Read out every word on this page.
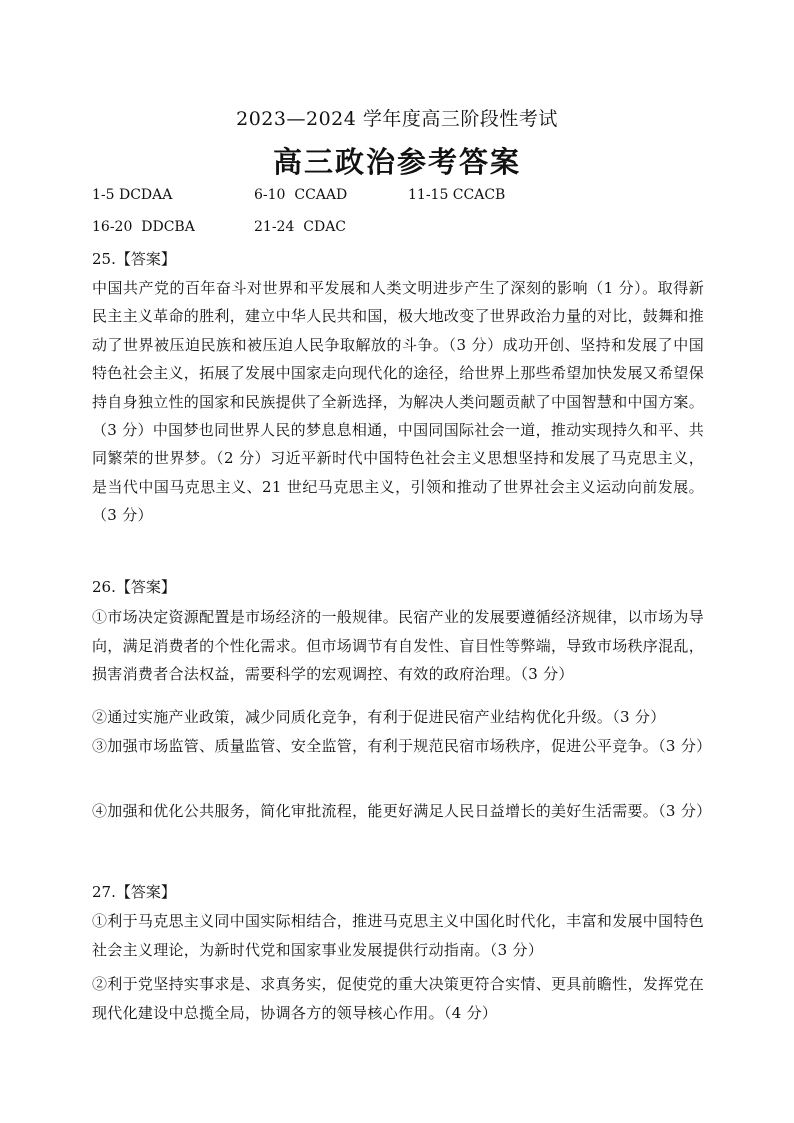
2023—2024 学年度高三阶段性考试
高三政治参考答案
1-5 DCDAA	6-10  CCAAD	11-15 CCACB
16-20  DDCBA	21-24  CDAC
25.【答案】
中国共产党的百年奋斗对世界和平发展和人类文明进步产生了深刻的影响（1 分）。取得新民主主义革命的胜利，建立中华人民共和国，极大地改变了世界政治力量的对比，鼓舞和推动了世界被压迫民族和被压迫人民争取解放的斗争。（3 分）成功开创、坚持和发展了中国特色社会主义，拓展了发展中国家走向现代化的途径，给世界上那些希望加快发展又希望保持自身独立性的国家和民族提供了全新选择，为解决人类问题贡献了中国智慧和中国方案。（3 分）中国梦也同世界人民的梦息息相通，中国同国际社会一道，推动实现持久和平、共同繁荣的世界梦。（2 分）习近平新时代中国特色社会主义思想坚持和发展了马克思主义，是当代中国马克思主义、21 世纪马克思主义，引领和推动了世界社会主义运动向前发展。（3 分）
26.【答案】
①市场决定资源配置是市场经济的一般规律。民宿产业的发展要遵循经济规律，以市场为导向，满足消费者的个性化需求。但市场调节有自发性、盲目性等弊端，导致市场秩序混乱，损害消费者合法权益，需要科学的宏观调控、有效的政府治理。（3 分）
②通过实施产业政策，减少同质化竞争，有利于促进民宿产业结构优化升级。（3 分）
③加强市场监管、质量监管、安全监管，有利于规范民宿市场秩序，促进公平竞争。（3 分）
④加强和优化公共服务，简化审批流程，能更好满足人民日益增长的美好生活需要。（3 分）
27.【答案】
①利于马克思主义同中国实际相结合，推进马克思主义中国化时代化，丰富和发展中国特色社会主义理论，为新时代党和国家事业发展提供行动指南。（3 分）
②利于党坚持实事求是、求真务实，促使党的重大决策更符合实情、更具前瞻性，发挥党在现代化建设中总揽全局，协调各方的领导核心作用。（4 分）
